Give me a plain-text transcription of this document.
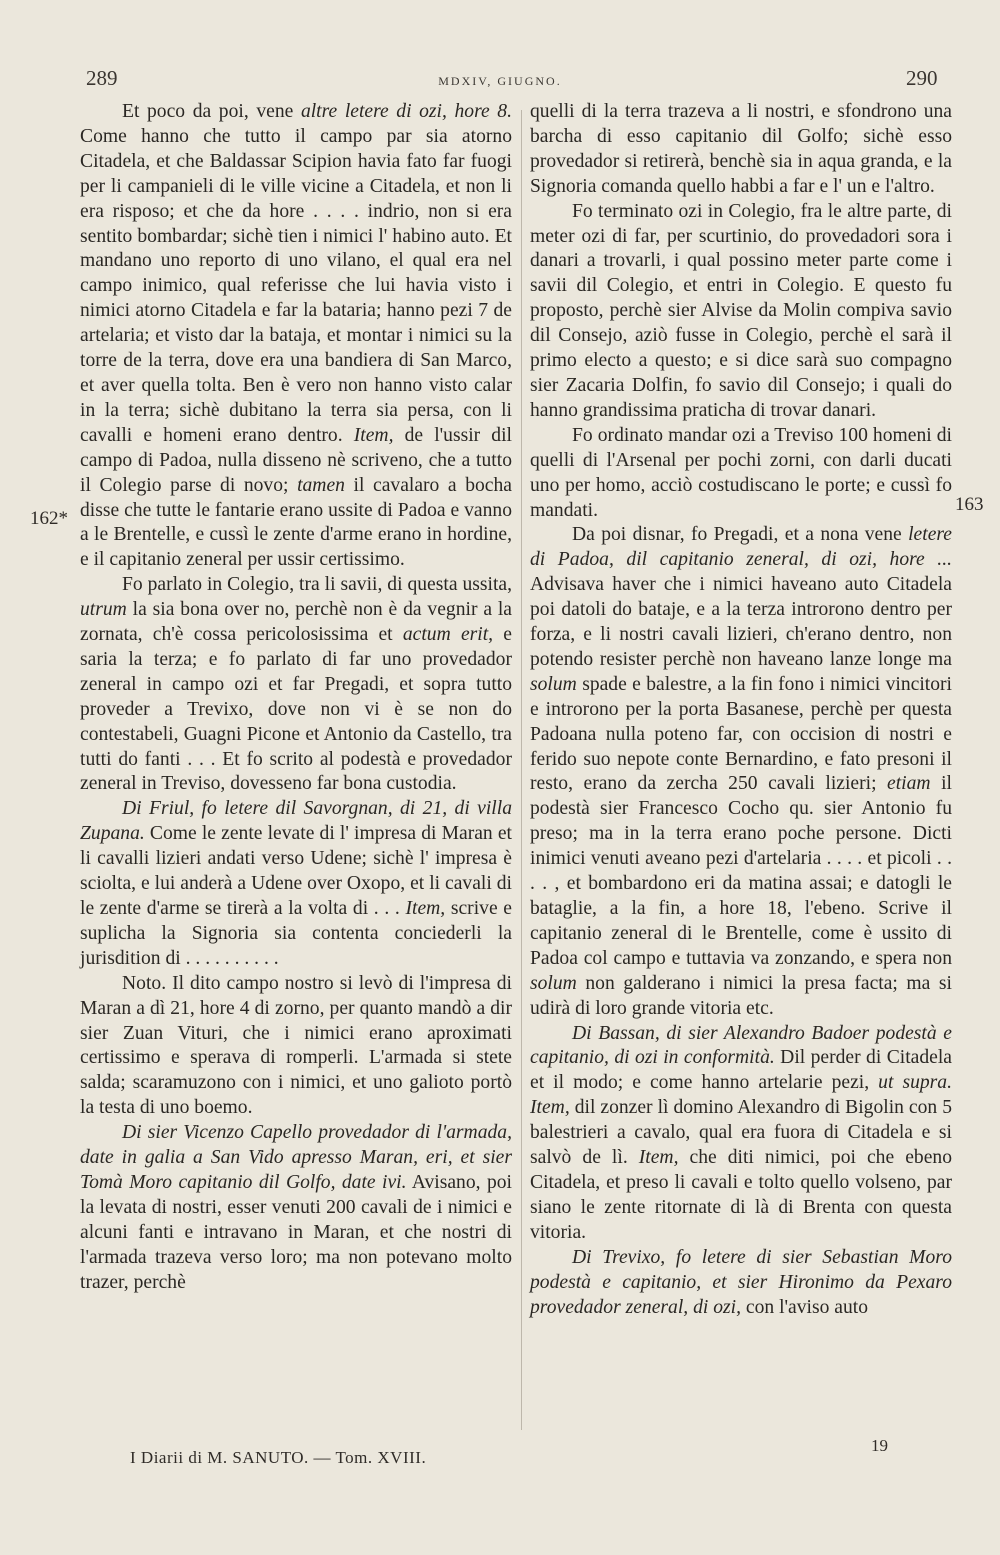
289	MDXIV, GIUGNO.	290
162*
163

Et poco da poi, vene altre letere di ozi, hore 8. Come hanno che tutto il campo par sia atorno Citadela, et che Baldassar Scipion havia fato far fuogi per li campanieli di le ville vicine a Citadela, et non li era risposo; et che da hore . . . . indrio, non si era sentito bombardar; sichè tien i nimici l' habino auto. Et mandano uno reporto di uno vilano, el qual era nel campo inimico, qual referisse che lui havia visto i nimici atorno Citadela e far la bataria; hanno pezi 7 de artelaria; et visto dar la bataja, et montar i nimici su la torre de la terra, dove era una bandiera di San Marco, et aver quella tolta. Ben è vero non hanno visto calar in la terra; sichè dubitano la terra sia persa, con li cavalli e homeni erano dentro. Item, de l'ussir dil campo di Padoa, nulla disseno nè scriveno, che a tutto il Colegio parse di novo; tamen il cavalaro a bocha disse che tutte le fantarie erano ussite di Padoa e vanno a le Brentelle, e cussì le zente d'arme erano in hordine, e il capitanio zeneral per ussir certissimo.

Fo parlato in Colegio, tra li savii, di questa ussita, utrum la sia bona over no, perchè non è da vegnir a la zornata, ch'è cossa pericolosissima et actum erit, e saria la terza; e fo parlato di far uno provedador zeneral in campo ozi et far Pregadi, et sopra tutto proveder a Trevixo, dove non vi è se non do contestabeli, Guagni Picone et Antonio da Castello, tra tutti do fanti . . . Et fo scrito al podestà e provedador zeneral in Treviso, dovesseno far bona custodia.

Di Friul, fo letere dil Savorgnan, di 21, di villa Zupana. Come le zente levate di l' impresa di Maran et li cavalli lizieri andati verso Udene; sichè l' impresa è sciolta, e lui anderà a Udene over Oxopo, et li cavali di le zente d'arme se tirerà a la volta di . . . Item, scrive e suplicha la Signoria sia contenta conciederli la jurisdition di . . . . . . . . . .

Noto. Il dito campo nostro si levò di l'impresa di Maran a dì 21, hore 4 di zorno, per quanto mandò a dir sier Zuan Vituri, che i nimici erano aproximati certissimo e sperava di romperli. L'armada si stete salda; scaramuzono con i nimici, et uno galioto portò la testa di uno boemo.

Di sier Vicenzo Capello provedador di l'armada, date in galia a San Vido apresso Maran, eri, et sier Tomà Moro capitanio dil Golfo, date ivi. Avisano, poi la levata di nostri, esser venuti 200 cavali de i nimici e alcuni fanti e intravano in Maran, et che nostri di l'armada trazeva verso loro; ma non potevano molto trazer, perchè

quelli di la terra trazeva a li nostri, e sfondrono una barcha di esso capitanio dil Golfo; sichè esso provedador si retirerà, benchè sia in aqua granda, e la Signoria comanda quello habbi a far e l' un e l'altro.

Fo terminato ozi in Colegio, fra le altre parte, di meter ozi di far, per scurtinio, do provedadori sora i danari a trovarli, i qual possino meter parte come i savii dil Colegio, et entri in Colegio. E questo fu proposto, perchè sier Alvise da Molin compiva savio dil Consejo, aziò fusse in Colegio, perchè el sarà il primo electo a questo; e si dice sarà suo compagno sier Zacaria Dolfin, fo savio dil Consejo; i quali do hanno grandissima praticha di trovar danari.

Fo ordinato mandar ozi a Treviso 100 homeni di quelli di l'Arsenal per pochi zorni, con darli ducati uno per homo, acciò costudiscano le porte; e cussì fo mandati.

Da poi disnar, fo Pregadi, et a nona vene letere di Padoa, dil capitanio zeneral, di ozi, hore ... Advisava haver che i nimici haveano auto Citadela poi datoli do bataje, e a la terza introrono dentro per forza, e li nostri cavali lizieri, ch'erano dentro, non potendo resister perchè non haveano lanze longe ma solum spade e balestre, a la fin fono i nimici vincitori e introrono per la porta Basanese, perchè per questa Padoana nulla poteno far, con occision di nostri e ferido suo nepote conte Bernardino, e fato presoni il resto, erano da zercha 250 cavali lizieri; etiam il podestà sier Francesco Cocho qu. sier Antonio fu preso; ma in la terra erano poche persone. Dicti inimici venuti aveano pezi d'artelaria . . . . et picoli . . . . , et bombardono eri da matina assai; e datogli le bataglie, a la fin, a hore 18, l'ebeno. Scrive il capitanio zeneral di le Brentelle, come è ussito di Padoa col campo e tuttavia va zonzando, e spera non solum non galderano i nimici la presa facta; ma si udirà di loro grande vitoria etc.

Di Bassan, di sier Alexandro Badoer podestà e capitanio, di ozi in conformità. Dil perder di Citadela et il modo; e come hanno artelarie pezi, ut supra. Item, dil zonzer lì domino Alexandro di Bigolin con 5 balestrieri a cavalo, qual era fuora di Citadela e si salvò de lì. Item, che diti nimici, poi che ebeno Citadela, et preso li cavali e tolto quello volseno, par siano le zente ritornate di là di Brenta con questa vitoria.

Di Trevixo, fo letere di sier Sebastian Moro podestà e capitanio, et sier Hironimo da Pexaro provedador zeneral, di ozi, con l'aviso auto

I Diarii di M. SANUTO. — Tom. XVIII.
19
